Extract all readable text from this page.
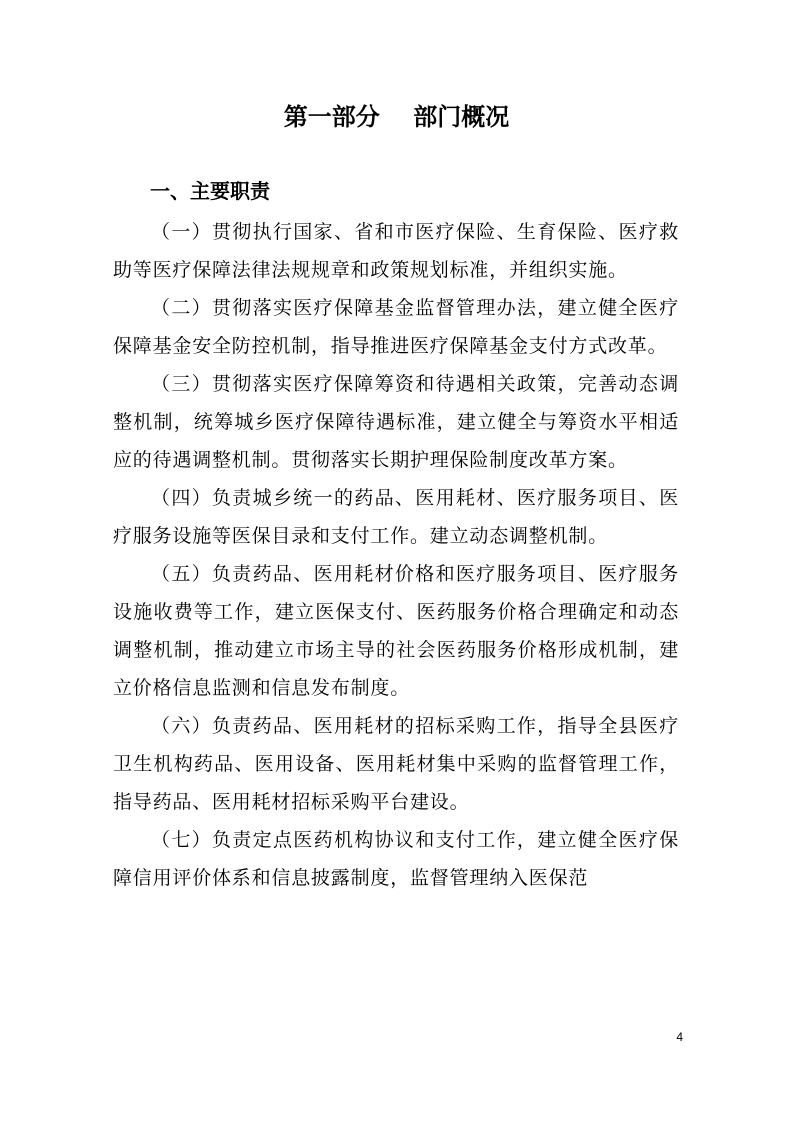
第一部分    部门概况
一、主要职责

（一）贯彻执行国家、省和市医疗保险、生育保险、医疗救助等医疗保障法律法规规章和政策规划标准，并组织实施。

（二）贯彻落实医疗保障基金监督管理办法，建立健全医疗保障基金安全防控机制，指导推进医疗保障基金支付方式改革。

（三）贯彻落实医疗保障筹资和待遇相关政策，完善动态调整机制，统筹城乡医疗保障待遇标准，建立健全与筹资水平相适应的待遇调整机制。贯彻落实长期护理保险制度改革方案。

（四）负责城乡统一的药品、医用耗材、医疗服务项目、医疗服务设施等医保目录和支付工作。建立动态调整机制。

（五）负责药品、医用耗材价格和医疗服务项目、医疗服务设施收费等工作，建立医保支付、医药服务价格合理确定和动态调整机制，推动建立市场主导的社会医药服务价格形成机制，建立价格信息监测和信息发布制度。

（六）负责药品、医用耗材的招标采购工作，指导全县医疗卫生机构药品、医用设备、医用耗材集中采购的监督管理工作，指导药品、医用耗材招标采购平台建设。

（七）负责定点医药机构协议和支付工作，建立健全医疗保障信用评价体系和信息披露制度，监督管理纳入医保范

4
